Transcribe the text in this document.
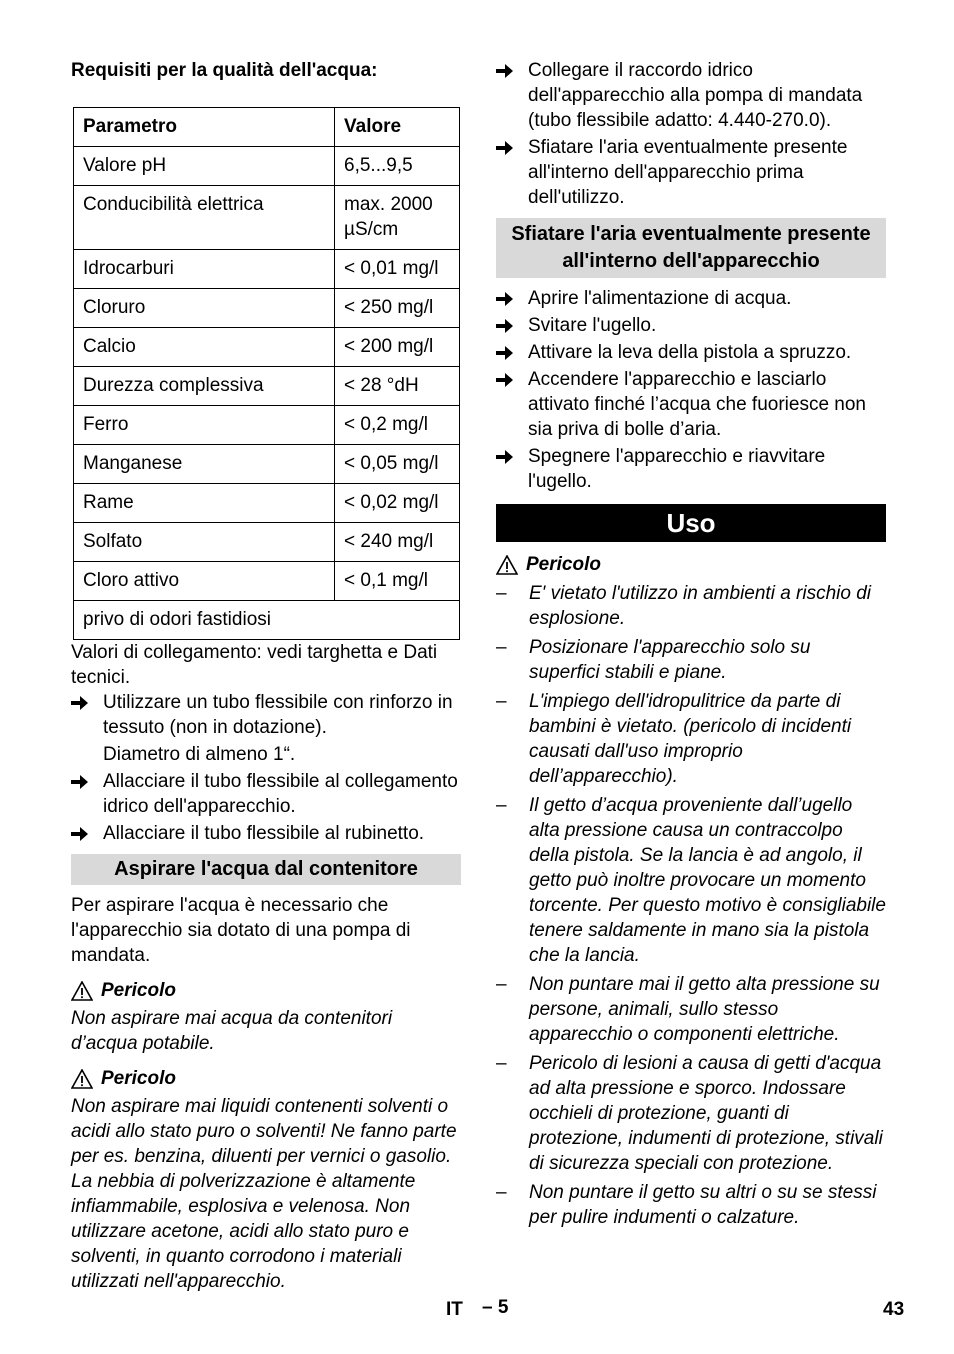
Requisiti per la qualità dell'acqua:

Parametro	Valore
Valore pH	6,5...9,5
Conducibilità elettrica	max. 2000 µS/cm
Idrocarburi	< 0,01 mg/l
Cloruro	< 250 mg/l
Calcio	< 200 mg/l
Durezza complessiva	< 28 °dH
Ferro	< 0,2 mg/l
Manganese	< 0,05 mg/l
Rame	< 0,02 mg/l
Solfato	< 240 mg/l
Cloro attivo	< 0,1 mg/l
privo di odori fastidiosi	

Valori di collegamento: vedi targhetta e Dati tecnici.

Utilizzare un tubo flessibile con rinforzo in tessuto (non in dotazione).

Diametro di almeno 1“.

Allacciare il tubo flessibile al collegamento idrico dell'apparecchio.
Allacciare il tubo flessibile al rubinetto.
Aspirare l'acqua dal contenitore

Per aspirare l'acqua è necessario che l'apparecchio sia dotato di una pompa di mandata.

Pericolo

Non aspirare mai acqua da contenitori d’acqua potabile.

Pericolo

Non aspirare mai liquidi contenenti solventi o acidi allo stato puro o solventi! Ne fanno parte per es. benzina, diluenti per vernici o gasolio. La nebbia di polverizzazione è altamente infiammabile, esplosiva e velenosa. Non utilizzare acetone, acidi allo stato puro e solventi, in quanto corrodono i materiali utilizzati nell'apparecchio.

Collegare il raccordo idrico dell'apparecchio alla pompa di mandata (tubo flessibile adatto: 4.440-270.0).
Sfiatare l'aria eventualmente presente all'interno dell'apparecchio prima dell'utilizzo.
Sfiatare l'aria eventualmente presente all'interno dell'apparecchio
Aprire l'alimentazione di acqua.
Svitare l'ugello.
Attivare la leva della pistola a spruzzo.
Accendere l'apparecchio e lasciarlo attivato finché l’acqua che fuoriesce non sia priva di bolle d’aria.
Spegnere l'apparecchio e riavvitare l'ugello.
Uso
Pericolo
– E' vietato l'utilizzo in ambienti a rischio di esplosione.
– Posizionare l'apparecchio solo su superfici stabili e piane.
– L'impiego dell'idropulitrice da parte di bambini è vietato. (pericolo di incidenti causati dall'uso improprio dell’apparecchio).
– Il getto d’acqua proveniente dall’ugello alta pressione causa un contraccolpo della pistola. Se la lancia è ad angolo, il getto può inoltre provocare un momento torcente. Per questo motivo è consigliabile tenere saldamente in mano sia la pistola che la lancia.
– Non puntare mai il getto alta pressione su persone, animali, sullo stesso apparecchio o componenti elettriche.
– Pericolo di lesioni a causa di getti d'acqua ad alta pressione e sporco. Indossare occhieli di protezione, guanti di protezione, indumenti di protezione, stivali di sicurezza speciali con protezione.
– Non puntare il getto su altri o su se stessi per pulire indumenti o calzature.
IT – 5	43
